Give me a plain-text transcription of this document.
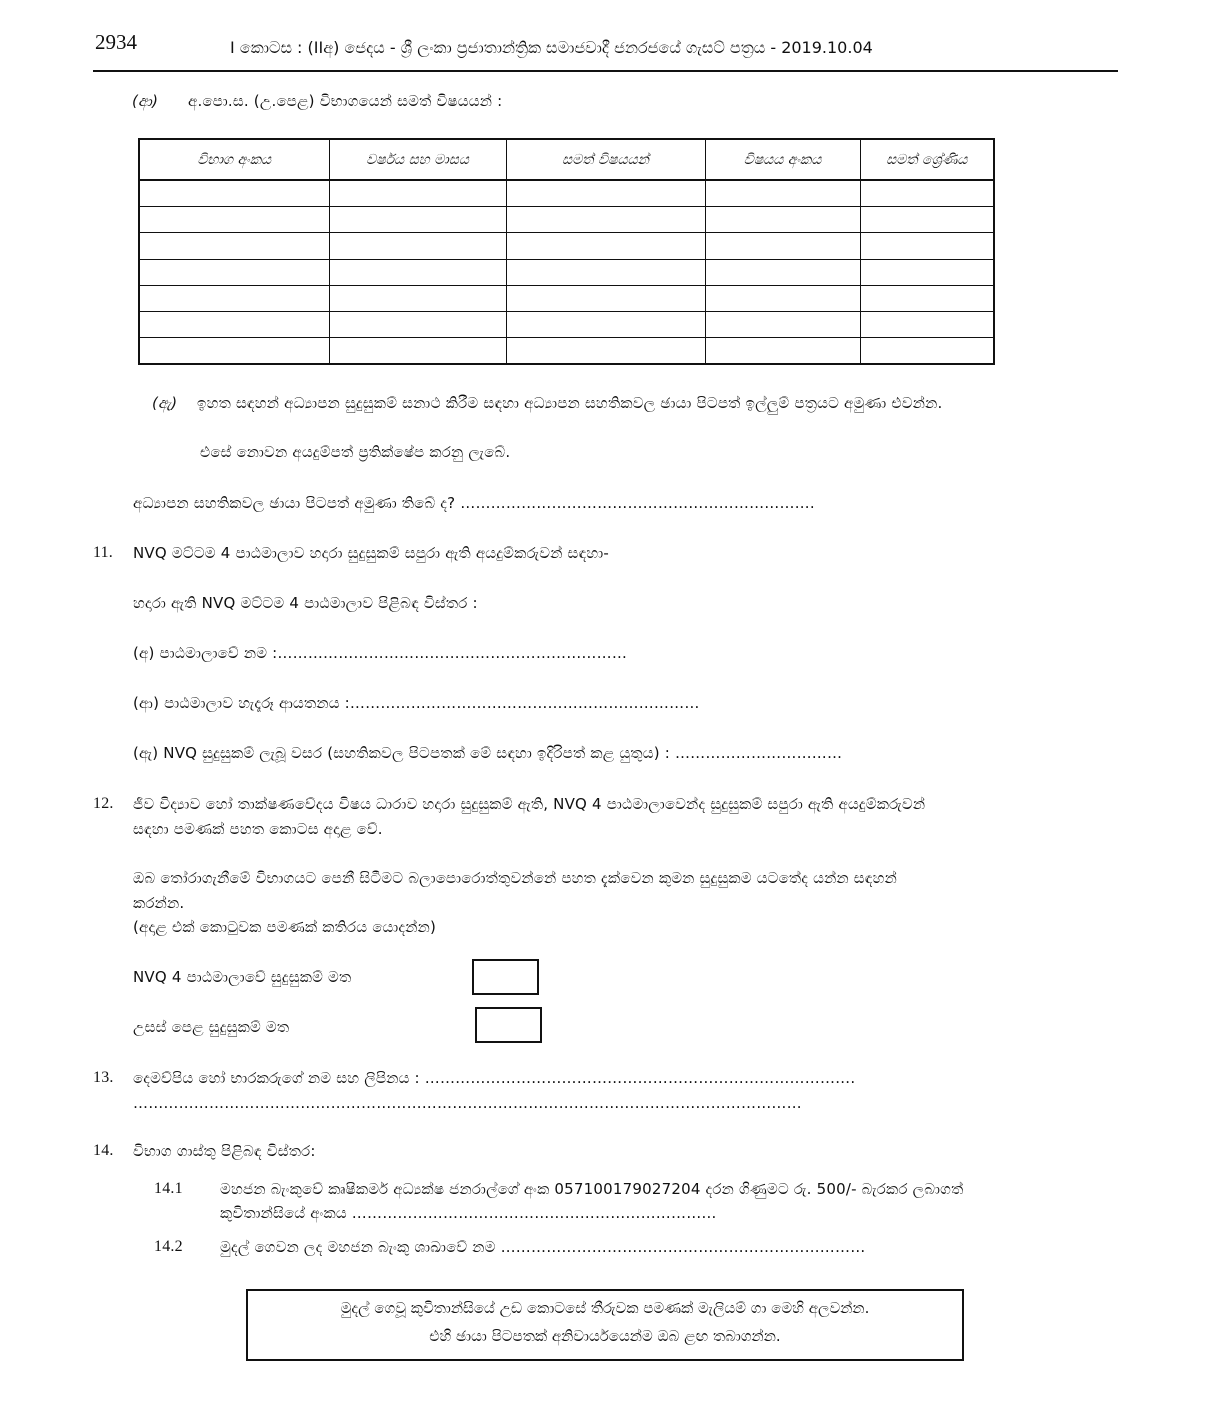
2934	I කොටස : (IIඅ) ජෙදය - ශ්‍රී ලංකා ප්‍රජාතාන්ත්‍රික සමාජවාදී ජනරජයේ ගැසට් පත්‍රය - 2019.10.04
(ආ) අ.පො.ස. (උ.පෙළ) විභාගයෙන් සමත් විෂයයන් :
විභාග අංකය	වර්ෂය සහ මාසය	සමත් විෂයයන්	විෂයය අංකය	සමත් ශ්‍රේණිය

(ඇ) ඉහත සඳහන් අධ්‍යාපන සුදුසුකම් සනාථ කිරීම සඳහා අධ්‍යාපන සහතිකවල ඡායා පිටපත් ඉල්ලුම් පත්‍රයට අමුණා එවන්න.
එසේ නොවන අයදුම්පත් ප්‍රතික්ෂේප කරනු ලැබේ.
අධ්‍යාපන සහතිකවල ඡායා පිටපත් අමුණා තිබේ ද? …………………………………………………………….
11. NVQ මට්ටම 4 පාඨමාලාව හදාරා සුදුසුකම් සපුරා ඇති අයදුම්කරුවන් සඳහා-
හදාරා ඇති NVQ මට්ටම 4 පාඨමාලාව පිළිබඳ විස්තර :
(අ) පාඨමාලාවේ නම :……………………………………………………………
(ආ) පාඨමාලාව හැදෑරූ ආයතනය :……………………………………………………………
(ඇ) NVQ සුදුසුකම් ලැබූ වසර (සහතිකවල පිටපතක් මේ සඳහා ඉදිරිපත් කළ යුතුය) : ……………………………
12. ජීව විද්‍යාව හෝ තාක්ෂණවේදය විෂය ධාරාව හදාරා සුදුසුකම් ඇති, NVQ 4 පාඨමාලාවෙන්ද සුදුසුකම් සපුරා ඇති අයදුම්කරුවන්
සඳහා පමණක් පහත කොටස අදාළ වේ.
ඔබ තෝරාගැනීමේ විභාගයට පෙනී සිටීමට බලාපොරොත්තුවන්නේ පහත දැක්වෙන කුමන සුදුසුකම යටතේද යන්න සඳහන්
කරන්න.
(අදාළ එක් කොටුවක පමණක් කතිරය යොදන්න)
NVQ 4 පාඨමාලාවේ සුදුසුකම් මත
උසස් පෙළ සුදුසුකම් මත
13. දෙමව්පිය හෝ භාරකරුගේ නම සහ ලිපිනය : ………………………………………………………………………….
……………………………………………………………………………………………………………………
14. විභාග ගාස්තු පිළිබඳ විස්තර:
14.1 මහජන බැංකුවේ කෘෂිකර්ම අධ්‍යක්ෂ ජනරාල්ගේ අංක 057100179027204 දරන ගිණුමට රු. 500/- බැරකර ලබාගත්
කුවිතාන්සියේ අංකය ………………………………………………………………
14.2 මුදල් ගෙවන ලද මහජන බැංකු ශාඛාවේ නම ………………………………………………………………
මුදල් ගෙවූ කුවිතාන්සියේ උඩ කොටසේ තීරුවක පමණක් මැලියම් ගා මෙහි අලවන්න.
එහි ඡායා පිටපතක් අනිවාර්යයෙන්ම ඔබ ළඟ තබාගන්න.
